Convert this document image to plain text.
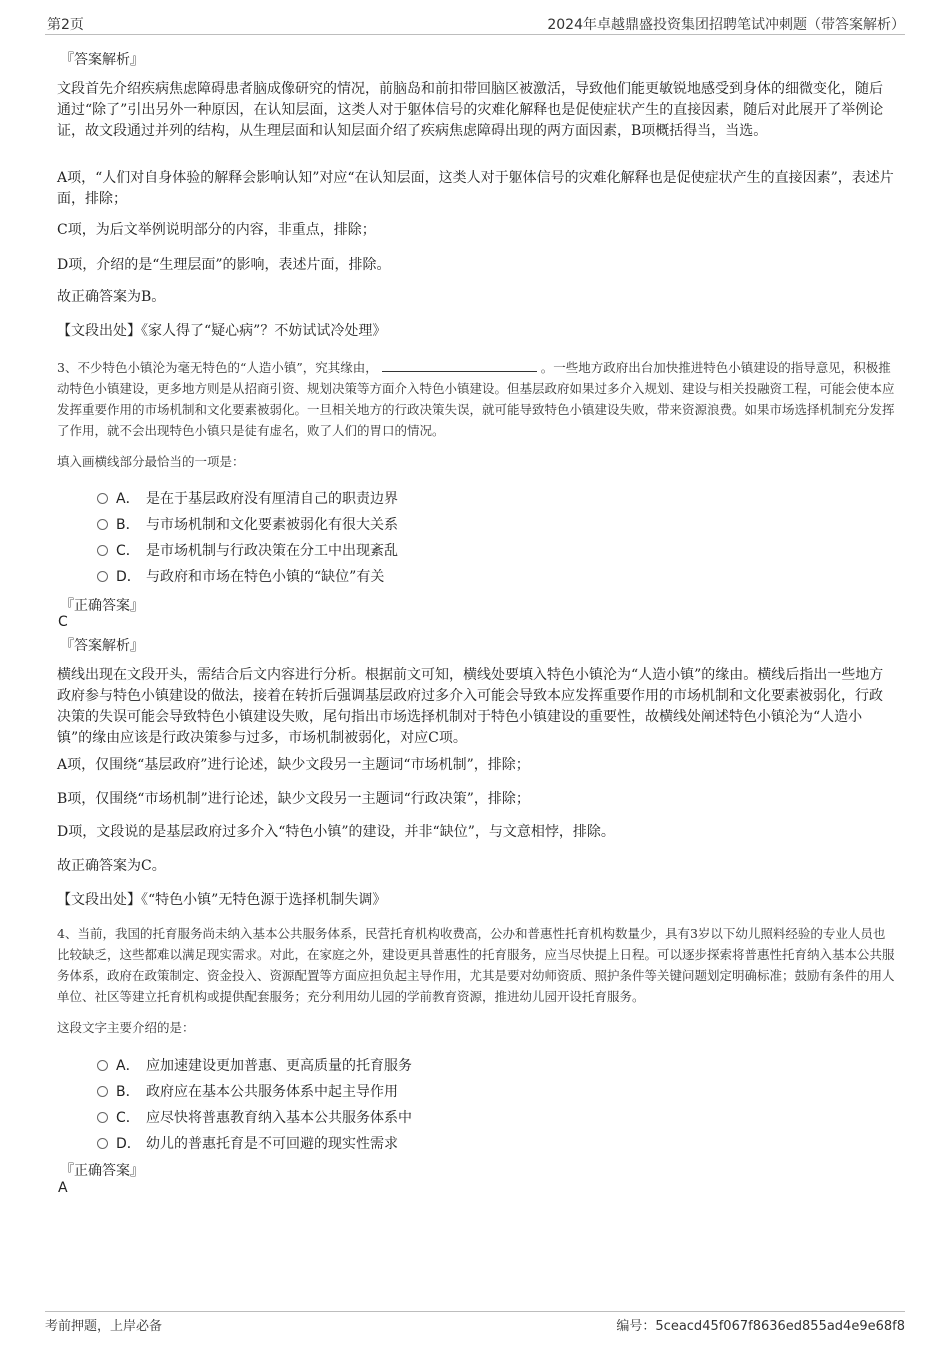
第2页	2024年卓越鼎盛投资集团招聘笔试冲刺题（带答案解析）
『答案解析』

文段首先介绍疾病焦虑障碍患者脑成像研究的情况，前脑岛和前扣带回脑区被激活，导致他们能更敏锐地感受到身体的细微变化，随后通过“除了”引出另外一种原因，在认知层面，这类人对于躯体信号的灾难化解释也是促使症状产生的直接因素，随后对此展开了举例论证，故文段通过并列的结构，从生理层面和认知层面介绍了疾病焦虑障碍出现的两方面因素，B项概括得当，当选。

A项，“人们对自身体验的解释会影响认知”对应“在认知层面，这类人对于躯体信号的灾难化解释也是促使症状产生的直接因素”，表述片面，排除；

C项，为后文举例说明部分的内容，非重点，排除；

D项，介绍的是“生理层面”的影响，表述片面，排除。

故正确答案为B。

【文段出处】《家人得了“疑心病”？不妨试试冷处理》

3、不少特色小镇沦为毫无特色的“人造小镇”，究其缘由，	。一些地方政府出台加快推进特色小镇建设的指导意见，积极推动特色小镇建设，更多地方则是从招商引资、规划决策等方面介入特色小镇建设。但基层政府如果过多介入规划、建设与相关投融资工程，可能会使本应发挥重要作用的市场机制和文化要素被弱化。一旦相关地方的行政决策失误，就可能导致特色小镇建设失败，带来资源浪费。如果市场选择机制充分发挥了作用，就不会出现特色小镇只是徒有虚名，败了人们的胃口的情况。

填入画横线部分最恰当的一项是：

A． 是在于基层政府没有厘清自己的职责边界
B． 与市场机制和文化要素被弱化有很大关系
C． 是市场机制与行政决策在分工中出现紊乱
D． 与政府和市场在特色小镇的“缺位”有关
『正确答案』
C
『答案解析』

横线出现在文段开头，需结合后文内容进行分析。根据前文可知，横线处要填入特色小镇沦为“人造小镇”的缘由。横线后指出一些地方政府参与特色小镇建设的做法，接着在转折后强调基层政府过多介入可能会导致本应发挥重要作用的市场机制和文化要素被弱化，行政决策的失误可能会导致特色小镇建设失败，尾句指出市场选择机制对于特色小镇建设的重要性，故横线处阐述特色小镇沦为“人造小镇”的缘由应该是行政决策参与过多，市场机制被弱化，对应C项。

A项，仅围绕“基层政府”进行论述，缺少文段另一主题词“市场机制”，排除；

B项，仅围绕“市场机制”进行论述，缺少文段另一主题词“行政决策”，排除；

D项，文段说的是基层政府过多介入“特色小镇”的建设，并非“缺位”，与文意相悖，排除。

故正确答案为C。

【文段出处】《“特色小镇”无特色源于选择机制失调》

4、当前，我国的托育服务尚未纳入基本公共服务体系，民营托育机构收费高，公办和普惠性托育机构数量少，具有3岁以下幼儿照料经验的专业人员也比较缺乏，这些都难以满足现实需求。对此，在家庭之外，建设更具普惠性的托育服务，应当尽快提上日程。可以逐步探索将普惠性托育纳入基本公共服务体系，政府在政策制定、资金投入、资源配置等方面应担负起主导作用，尤其是要对幼师资质、照护条件等关键问题划定明确标准；鼓励有条件的用人单位、社区等建立托育机构或提供配套服务；充分利用幼儿园的学前教育资源，推进幼儿园开设托育服务。

这段文字主要介绍的是：

A． 应加速建设更加普惠、更高质量的托育服务
B． 政府应在基本公共服务体系中起主导作用
C． 应尽快将普惠教育纳入基本公共服务体系中
D． 幼儿的普惠托育是不可回避的现实性需求
『正确答案』
A
考前押题，上岸必备	编号：5ceacd45f067f8636ed855ad4e9e68f8
